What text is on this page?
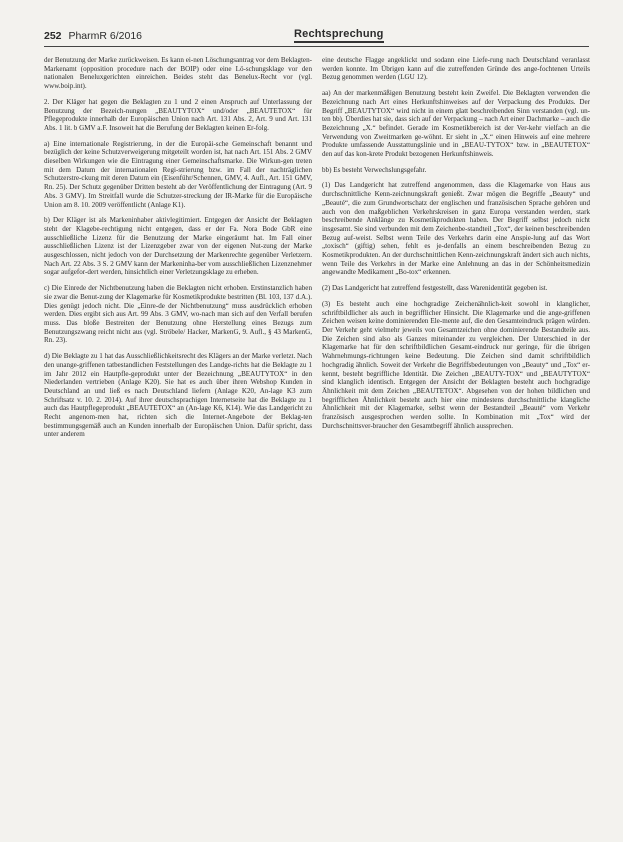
252 PharmR 6/2016	Rechtsprechung

der Benutzung der Marke zurückweisen. Es kann ei-nen Löschungsantrag vor dem Beklagten-Markenamt (opposition procedure nach der BOIP) oder eine Lö-schungsklage vor den nationalen Beneluxgerichten einreichen. Beides steht das Benelux-Recht vor (vgl. www.boip.int).

2. Der Kläger hat gegen die Beklagten zu 1 und 2 einen Anspruch auf Unterlassung der Benutzung der Bezeich-nungen „BEAUTYTOX“ und/oder „BEAUTETOX“ für Pflegeprodukte innerhalb der Europäischen Union nach Art. 131 Abs. 2, Art. 9 und Art. 131 Abs. 1 lit. b GMV a.F. Insoweit hat die Berufung der Beklagten keinen Er-folg.

a) Eine internationale Registrierung, in der die Europäi-sche Gemeinschaft benannt und bezüglich der keine Schutzverweigerung mitgeteilt worden ist, hat nach Art. 151 Abs. 2 GMV dieselben Wirkungen wie die Eintragung einer Gemeinschaftsmarke. Die Wirkun-gen treten mit dem Datum der internationalen Regi-strierung bzw. im Fall der nachträglichen Schutzerstre-ckung mit deren Datum ein (Eisenführ/Schennen, GMV, 4. Aufl., Art. 151 GMV, Rn. 25). Der Schutz gegenüber Dritten besteht ab der Veröffentlichung der Eintragung (Art. 9 Abs. 3 GMV). Im Streitfall wurde die Schutzer-streckung der IR-Marke für die Europäische Union am 8. 10. 2009 veröffentlicht (Anlage K1).

b) Der Kläger ist als Markeninhaber aktivlegitimiert. Entgegen der Ansicht der Beklagten steht der Klagebe-rechtigung nicht entgegen, dass er der Fa. Nora Bode GbR eine ausschließliche Lizenz für die Benutzung der Marke eingeräumt hat. Im Fall einer ausschließlichen Lizenz ist der Lizenzgeber zwar von der eigenen Nut-zung der Marke ausgeschlossen, nicht jedoch von der Durchsetzung der Markenrechte gegenüber Verletzern. Nach Art. 22 Abs. 3 S. 2 GMV kann der Markeninha-ber vom ausschließlichen Lizenznehmer sogar aufgefor-dert werden, hinsichtlich einer Verletzungsklage zu erheben.

c) Die Einrede der Nichtbenutzung haben die Beklagten nicht erhoben. Erstinstanzlich haben sie zwar die Benut-zung der Klagemarke für Kosmetikprodukte bestritten (Bl. 103, 137 d.A.). Dies genügt jedoch nicht. Die „Einre-de der Nichtbenutzung“ muss ausdrücklich erhoben werden. Dies ergibt sich aus Art. 99 Abs. 3 GMV, wo-nach man sich auf den Verfall berufen muss. Das bloße Bestreiten der Benutzung ohne Herstellung eines Bezugs zum Benutzungszwang reicht nicht aus (vgl. Ströbele/ Hacker, MarkenG, 9. Aufl., § 43 MarkenG, Rn. 23).

d) Die Beklagte zu 1 hat das Ausschließlichkeitsrecht des Klägers an der Marke verletzt. Nach den unange-griffenen tatbestandlichen Feststellungen des Landge-richts hat die Beklagte zu 1 im Jahr 2012 ein Hautpfle-geprodukt unter der Bezeichnung „BEAUTYTOX“ in den Niederlanden vertrieben (Anlage K20). Sie hat es auch über ihren Webshop Kunden in Deutschland an und ließ es nach Deutschland liefern (Anlage K20, An-lage K3 zum Schriftsatz v. 10. 2. 2014). Auf ihrer deutschsprachigen Internetseite hat die Beklagte zu 1 auch das Hautpflegeprodukt „BEAUTETOX“ an (An-lage K6, K14). Wie das Landgericht zu Recht angenom-men hat, richten sich die Internet-Angebote der Beklag-ten bestimmungsgemäß auch an Kunden innerhalb der Europäischen Union. Dafür spricht, dass unter anderem

eine deutsche Flagge angeklickt und sodann eine Liefe-rung nach Deutschland veranlasst werden konnte. Im Übrigen kann auf die zutreffenden Gründe des ange-fochtenen Urteils Bezug genommen werden (LGU 12).

aa) An der markenmäßigen Benutzung besteht kein Zweifel. Die Beklagten verwenden die Bezeichnung nach Art eines Herkunftshinweises auf der Verpackung des Produkts. Der Begriff „BEAUTYTOX“ wird nicht in einem glatt beschreibenden Sinn verstanden (vgl. un-ten bb). Überdies hat sie, dass sich auf der Verpackung – nach Art einer Dachmarke – auch die Bezeichnung „X.“ befindet. Gerade im Kosmetikbereich ist der Ver-kehr vielfach an die Verwendung von Zweitmarken ge-wöhnt. Er sieht in „X.“ einen Hinweis auf eine mehrere Produkte umfassende Ausstattungslinie und in „BEAU-TYTOX“ bzw. in „BEAUTETOX“ den auf das kon-krete Produkt bezogenen Herkunftshinweis.

bb) Es besteht Verwechslungsgefahr.

(1) Das Landgericht hat zutreffend angenommen, dass die Klagemarke von Haus aus durchschnittliche Kenn-zeichnungskraft genießt. Zwar mögen die Begriffe „Beauty“ und „Beauté“, die zum Grundwortschatz der englischen und französischen Sprache gehören und auch von den maßgeblichen Verkehrskreisen in ganz Europa verstanden werden, stark beschreibende Anklänge zu Kosmetikprodukten haben. Der Begriff selbst jedoch nicht insgesamt. Sie sind verbunden mit dem Zeichenbe-standteil „Tox“, der keinen beschreibenden Bezug auf-weist. Selbst wenn Teile des Verkehrs darin eine Anspie-lung auf das Wort „toxisch“ (giftig) sehen, fehlt es je-denfalls an einem beschreibenden Bezug zu Kosmetikprodukten. An der durchschnittlichen Kenn-zeichnungskraft ändert sich auch nichts, wenn Teile des Verkehrs in der Marke eine Anlehnung an das in der Schönheitsmedizin angewandte Medikament „Bo-tox“ erkennen.

(2) Das Landgericht hat zutreffend festgestellt, dass Warenidentität gegeben ist.

(3) Es besteht auch eine hochgradige Zeichenähnlich-keit sowohl in klanglicher, schriftbildlicher als auch in begrifflicher Hinsicht. Die Klagemarke und die ange-griffenen Zeichen weisen keine dominierenden Ele-mente auf, die den Gesamteindruck prägen würden. Der Verkehr geht vielmehr jeweils von Gesamtzeichen ohne dominierende Bestandteile aus. Die Zeichen sind also als Ganzes miteinander zu vergleichen. Der Unterschied in der Klagemarke hat für den schriftbildlichen Gesamt-eindruck nur geringe, für die übrigen Wahrnehmungs-richtungen keine Bedeutung. Die Zeichen sind damit schriftbildlich hochgradig ähnlich. Soweit der Verkehr die Begriffsbedeutungen von „Beauty“ und „Tox“ er-kennt, besteht begriffliche Identität. Die Zeichen „BEAUTY-TOX“ und „BEAUTYTOX“ sind klanglich identisch. Entgegen der Ansicht der Beklagten besteht auch hochgradige Ähnlichkeit mit dem Zeichen „BEAUTETOX“. Abgesehen von der hohen bildlichen und begrifflichen Ähnlichkeit besteht auch hier eine mindestens durchschnittliche klangliche Ähnlichkeit mit der Klagemarke, selbst wenn der Bestandteil „Beauté“ vom Verkehr französisch ausgesprochen werden sollte. In Kombination mit „Tox“ wird der Durchschnittsver-braucher den Gesamtbegriff ähnlich aussprechen.
